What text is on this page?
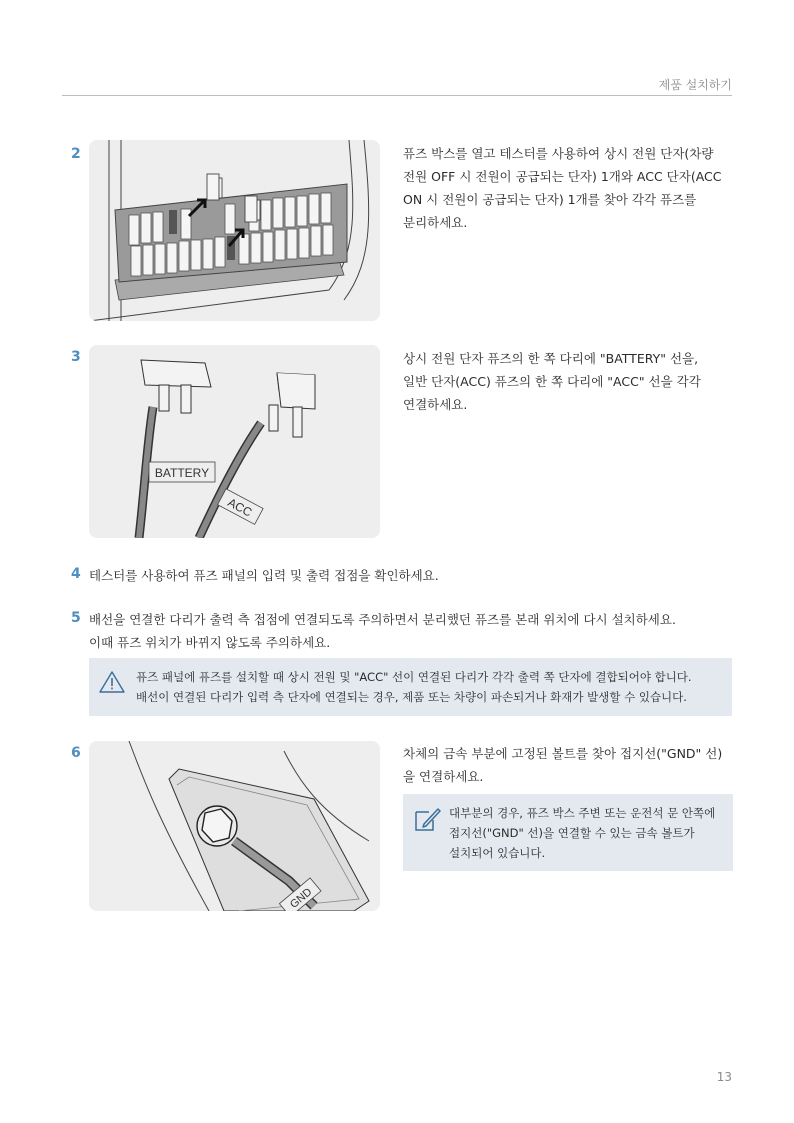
제품 설치하기
2	퓨즈 박스를 열고 테스터를 사용하여 상시 전원 단자(차량
전원 OFF 시 전원이 공급되는 단자) 1개와 ACC 단자(ACC
ON 시 전원이 공급되는 단자) 1개를 찾아 각각 퓨즈를
분리하세요.
3
BATTERY
ACC
상시 전원 단자 퓨즈의 한 쪽 다리에 "BATTERY" 선을,
일반 단자(ACC) 퓨즈의 한 쪽 다리에 "ACC" 선을 각각
연결하세요.
4 테스터를 사용하여 퓨즈 패널의 입력 및 출력 접점을 확인하세요.
5 배선을 연결한 다리가 출력 측 접점에 연결되도록 주의하면서 분리했던 퓨즈를 본래 위치에 다시 설치하세요.
이때 퓨즈 위치가 바뀌지 않도록 주의하세요.
퓨즈 패널에 퓨즈를 설치할 때 상시 전원 및 "ACC" 선이 연결된 다리가 각각 출력 쪽 단자에 결합되어야 합니다.
배선이 연결된 다리가 입력 측 단자에 연결되는 경우, 제품 또는 차량이 파손되거나 화재가 발생할 수 있습니다.
6
GND
차체의 금속 부분에 고정된 볼트를 찾아 접지선("GND" 선)
을 연결하세요.
대부분의 경우, 퓨즈 박스 주변 또는 운전석 문 안쪽에
접지선("GND" 선)을 연결할 수 있는 금속 볼트가
설치되어 있습니다.
13
